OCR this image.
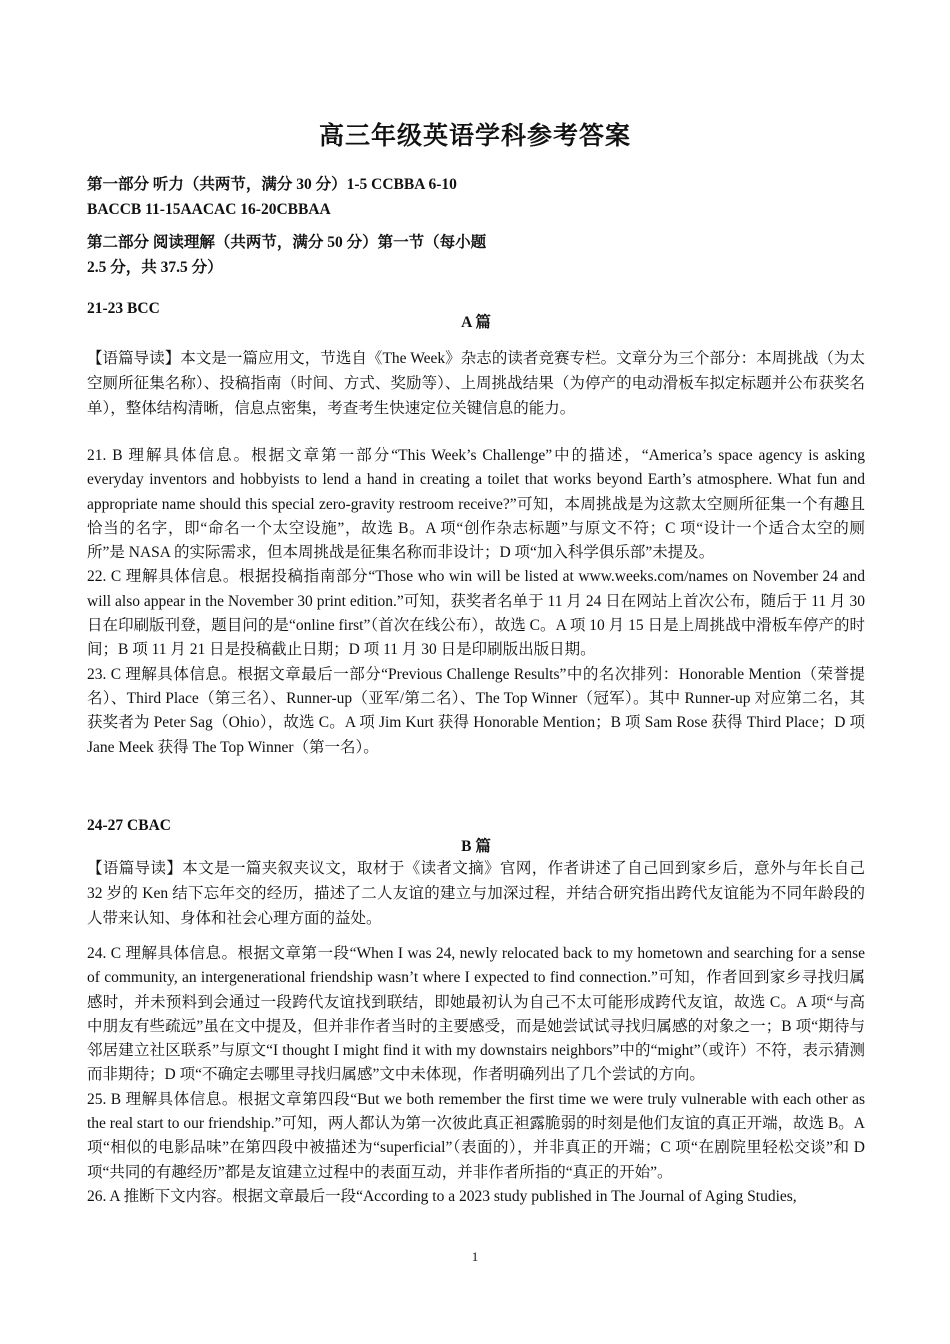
高三年级英语学科参考答案
第一部分 听力（共两节，满分 30 分）1-5 CCBBA 6-10
BACCB 11-15AACAC 16-20CBBAA
第二部分 阅读理解（共两节，满分 50 分）第一节（每小题
2.5 分，共 37.5 分）
21-23 BCC
A 篇
【语篇导读】本文是一篇应用文，节选自《The Week》杂志的读者竞赛专栏。文章分为三个部分：本周挑战（为太空厕所征集名称）、投稿指南（时间、方式、奖励等）、上周挑战结果（为停产的电动滑板车拟定标题并公布获奖名单），整体结构清晰，信息点密集，考查考生快速定位关键信息的能力。
21. B 理解具体信息。根据文章第一部分“This Week’s Challenge”中的描述，“America’s space agency is asking everyday inventors and hobbyists to lend a hand in creating a toilet that works beyond Earth’s atmosphere. What fun and appropriate name should this special zero-gravity restroom receive?”可知，本周挑战是为这款太空厕所征集一个有趣且恰当的名字，即“命名一个太空设施”，故选 B。A 项“创作杂志标题”与原文不符；C 项“设计一个适合太空的厕所”是 NASA 的实际需求，但本周挑战是征集名称而非设计；D 项“加入科学俱乐部”未提及。
22. C 理解具体信息。根据投稿指南部分“Those who win will be listed at www.weeks.com/names on November 24 and will also appear in the November 30 print edition.”可知，获奖者名单于 11 月 24 日在网站上首次公布，随后于 11 月 30 日在印刷版刊登，题目问的是“online first”（首次在线公布），故选 C。A 项 10 月 15 日是上周挑战中滑板车停产的时间；B 项 11 月 21 日是投稿截止日期；D 项 11 月 30 日是印刷版出版日期。
23. C 理解具体信息。根据文章最后一部分“Previous Challenge Results”中的名次排列：Honorable Mention（荣誉提名）、Third Place（第三名）、Runner-up（亚军/第二名）、The Top Winner（冠军）。其中 Runner-up 对应第二名，其获奖者为 Peter Sag（Ohio），故选 C。A 项 Jim Kurt 获得 Honorable Mention；B 项 Sam Rose 获得 Third Place；D 项 Jane Meek 获得 The Top Winner（第一名）。
24-27 CBAC
B 篇
【语篇导读】本文是一篇夹叙夹议文，取材于《读者文摘》官网，作者讲述了自己回到家乡后，意外与年长自己 32 岁的 Ken 结下忘年交的经历，描述了二人友谊的建立与加深过程，并结合研究指出跨代友谊能为不同年龄段的人带来认知、身体和社会心理方面的益处。
24. C 理解具体信息。根据文章第一段“When I was 24, newly relocated back to my hometown and searching for a sense of community, an intergenerational friendship wasn’t where I expected to find connection.”可知，作者回到家乡寻找归属感时，并未预料到会通过一段跨代友谊找到联结，即她最初认为自己不太可能形成跨代友谊，故选 C。A 项“与高中朋友有些疏远”虽在文中提及，但并非作者当时的主要感受，而是她尝试试寻找归属感的对象之一；B 项“期待与邻居建立社区联系”与原文“I thought I might find it with my downstairs neighbors”中的“might”（或许）不符，表示猜测而非期待；D 项“不确定去哪里寻找归属感”文中未体现，作者明确列出了几个尝试的方向。
25. B 理解具体信息。根据文章第四段“But we both remember the first time we were truly vulnerable with each other as the real start to our friendship.”可知，两人都认为第一次彼此真正袒露脆弱的时刻是他们友谊的真正开端，故选 B。A 项“相似的电影品味”在第四段中被描述为“superficial”（表面的），并非真正的开端；C 项“在剧院里轻松交谈”和 D 项“共同的有趣经历”都是友谊建立过程中的表面互动，并非作者所指的“真正的开始”。
26. A 推断下文内容。根据文章最后一段“According to a 2023 study published in The Journal of Aging Studies,
1
